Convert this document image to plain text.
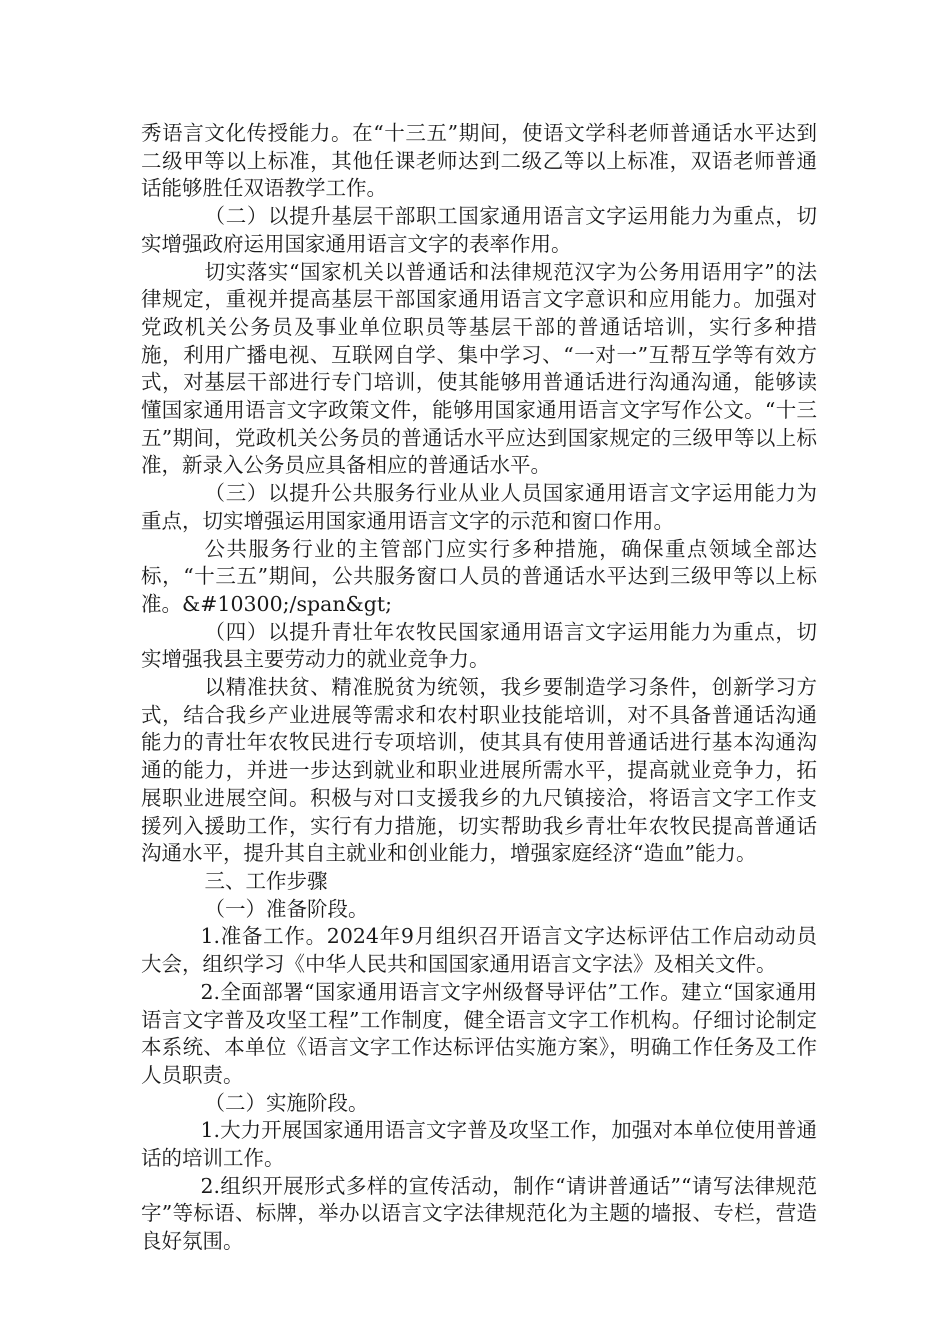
秀语言文化传授能力。在“十三五”期间，使语文学科老师普通话水平达到二级甲等以上标准，其他任课老师达到二级乙等以上标准，双语老师普通话能够胜任双语教学工作。

（二）以提升基层干部职工国家通用语言文字运用能力为重点，切实增强政府运用国家通用语言文字的表率作用。

切实落实“国家机关以普通话和法律规范汉字为公务用语用字”的法律规定，重视并提高基层干部国家通用语言文字意识和应用能力。加强对党政机关公务员及事业单位职员等基层干部的普通话培训，实行多种措施，利用广播电视、互联网自学、集中学习、“一对一”互帮互学等有效方式，对基层干部进行专门培训，使其能够用普通话进行沟通沟通，能够读懂国家通用语言文字政策文件，能够用国家通用语言文字写作公文。“十三五”期间，党政机关公务员的普通话水平应达到国家规定的三级甲等以上标准，新录入公务员应具备相应的普通话水平。

（三）以提升公共服务行业从业人员国家通用语言文字运用能力为重点，切实增强运用国家通用语言文字的示范和窗口作用。

公共服务行业的主管部门应实行多种措施，确保重点领域全部达标，“十三五”期间，公共服务窗口人员的普通话水平达到三级甲等以上标准。&#10300;/span&gt;

（四）以提升青壮年农牧民国家通用语言文字运用能力为重点，切实增强我县主要劳动力的就业竞争力。

以精准扶贫、精准脱贫为统领，我乡要制造学习条件，创新学习方式，结合我乡产业进展等需求和农村职业技能培训，对不具备普通话沟通能力的青壮年农牧民进行专项培训，使其具有使用普通话进行基本沟通沟通的能力，并进一步达到就业和职业进展所需水平，提高就业竞争力，拓展职业进展空间。积极与对口支援我乡的九尺镇接洽，将语言文字工作支援列入援助工作，实行有力措施，切实帮助我乡青壮年农牧民提高普通话沟通水平，提升其自主就业和创业能力，增强家庭经济“造血”能力。

三、工作步骤

（一）准备阶段。

1.准备工作。2024年9月组织召开语言文字达标评估工作启动动员大会，组织学习《中华人民共和国国家通用语言文字法》及相关文件。

2.全面部署“国家通用语言文字州级督导评估”工作。建立“国家通用语言文字普及攻坚工程”工作制度，健全语言文字工作机构。仔细讨论制定本系统、本单位《语言文字工作达标评估实施方案》，明确工作任务及工作人员职责。

（二）实施阶段。

1.大力开展国家通用语言文字普及攻坚工作，加强对本单位使用普通话的培训工作。

2.组织开展形式多样的宣传活动，制作“请讲普通话”“请写法律规范字”等标语、标牌，举办以语言文字法律规范化为主题的墙报、专栏，营造良好氛围。
